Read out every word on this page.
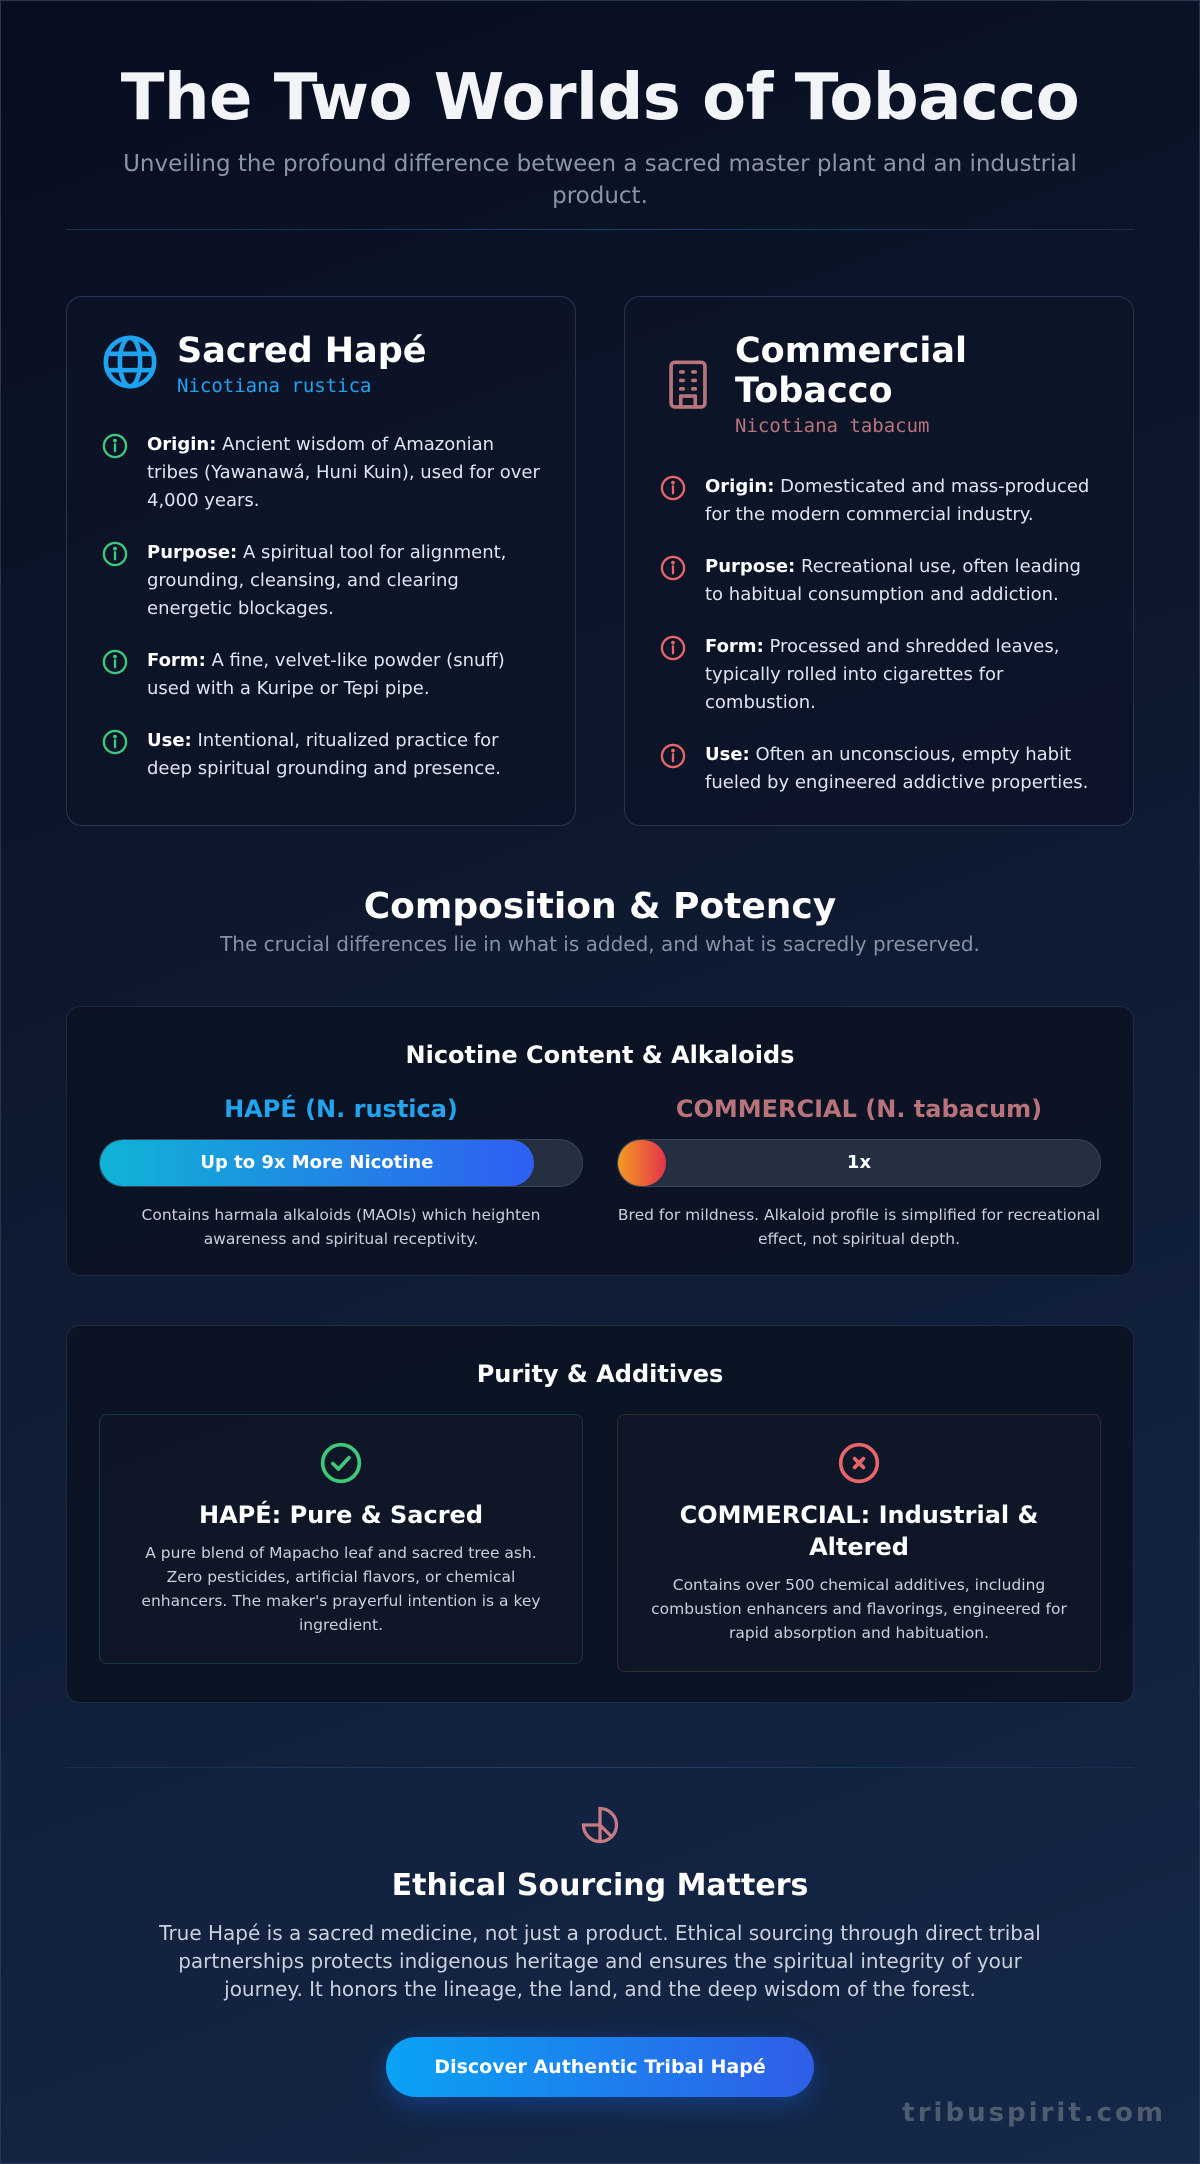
The Two Worlds of Tobacco

Unveiling the profound difference between a sacred master plant and an industrial product.

Sacred Hapé
Nicotiana rustica
Origin: Ancient wisdom of Amazonian tribes (Yawanawá, Huni Kuin), used for over 4,000 years.
Purpose: A spiritual tool for alignment, grounding, cleansing, and clearing energetic blockages.
Form: A fine, velvet-like powder (snuff) used with a Kuripe or Tepi pipe.
Use: Intentional, ritualized practice for deep spiritual grounding and presence.
Commercial Tobacco
Nicotiana tabacum
Origin: Domesticated and mass-produced for the modern commercial industry.
Purpose: Recreational use, often leading to habitual consumption and addiction.
Form: Processed and shredded leaves, typically rolled into cigarettes for combustion.
Use: Often an unconscious, empty habit fueled by engineered addictive properties.
Composition & Potency

The crucial differences lie in what is added, and what is sacredly preserved.

Nicotine Content & Alkaloids
HAPÉ (N. rustica)
Up to 9x More Nicotine

Contains harmala alkaloids (MAOIs) which heighten awareness and spiritual receptivity.

COMMERCIAL (N. tabacum)
1x

Bred for mildness. Alkaloid profile is simplified for recreational effect, not spiritual depth.

Purity & Additives
HAPÉ: Pure & Sacred

A pure blend of Mapacho leaf and sacred tree ash. Zero pesticides, artificial flavors, or chemical enhancers. The maker's prayerful intention is a key ingredient.

COMMERCIAL: Industrial & Altered

Contains over 500 chemical additives, including combustion enhancers and flavorings, engineered for rapid absorption and habituation.

Ethical Sourcing Matters

True Hapé is a sacred medicine, not just a product. Ethical sourcing through direct tribal partnerships protects indigenous heritage and ensures the spiritual integrity of your journey. It honors the lineage, the land, and the deep wisdom of the forest.

Discover Authentic Tribal Hapé
tribuspirit.com
